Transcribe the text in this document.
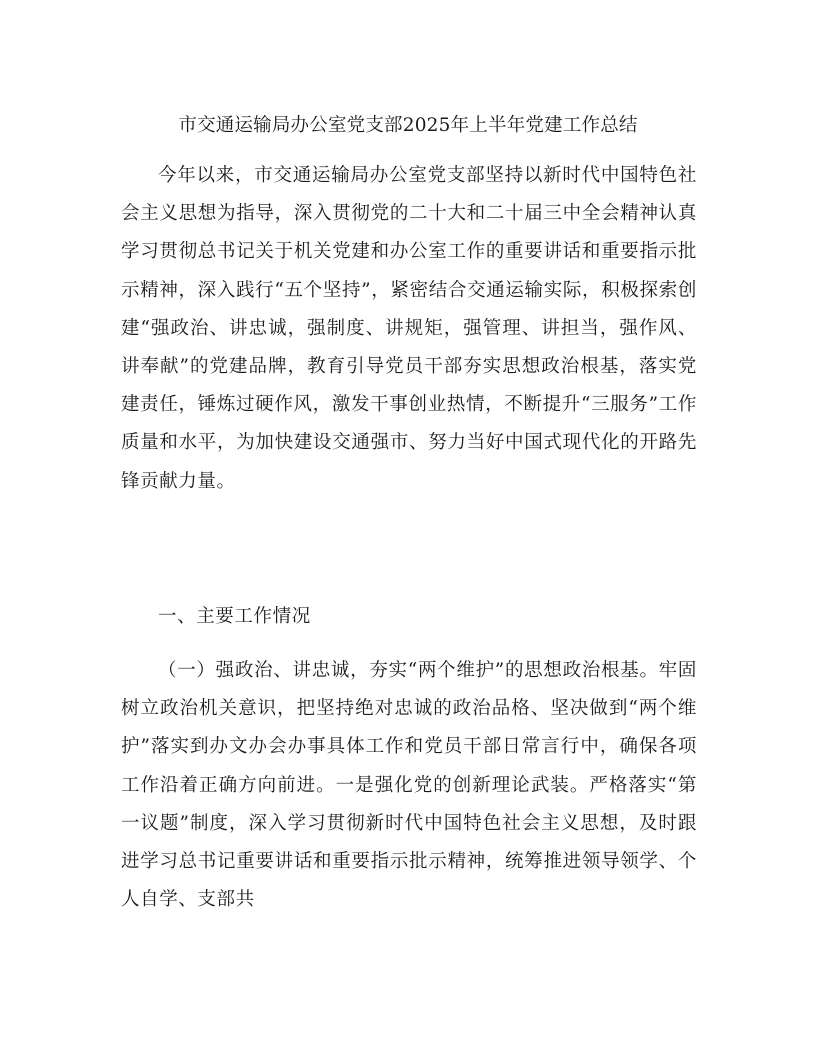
市交通运输局办公室党支部2025年上半年党建工作总结

今年以来，市交通运输局办公室党支部坚持以新时代中国特色社会主义思想为指导，深入贯彻党的二十大和二十届三中全会精神认真学习贯彻总书记关于机关党建和办公室工作的重要讲话和重要指示批示精神，深入践行“五个坚持”，紧密结合交通运输实际，积极探索创建“强政治、讲忠诚，强制度、讲规矩，强管理、讲担当，强作风、讲奉献”的党建品牌，教育引导党员干部夯实思想政治根基，落实党建责任，锤炼过硬作风，激发干事创业热情，不断提升“三服务”工作质量和水平，为加快建设交通强市、努力当好中国式现代化的开路先锋贡献力量。

一、主要工作情况

（一）强政治、讲忠诚，夯实“两个维护”的思想政治根基。牢固树立政治机关意识，把坚持绝对忠诚的政治品格、坚决做到“两个维护”落实到办文办会办事具体工作和党员干部日常言行中，确保各项工作沿着正确方向前进。一是强化党的创新理论武装。严格落实“第一议题”制度，深入学习贯彻新时代中国特色社会主义思想，及时跟进学习总书记重要讲话和重要指示批示精神，统筹推进领导领学、个人自学、支部共
